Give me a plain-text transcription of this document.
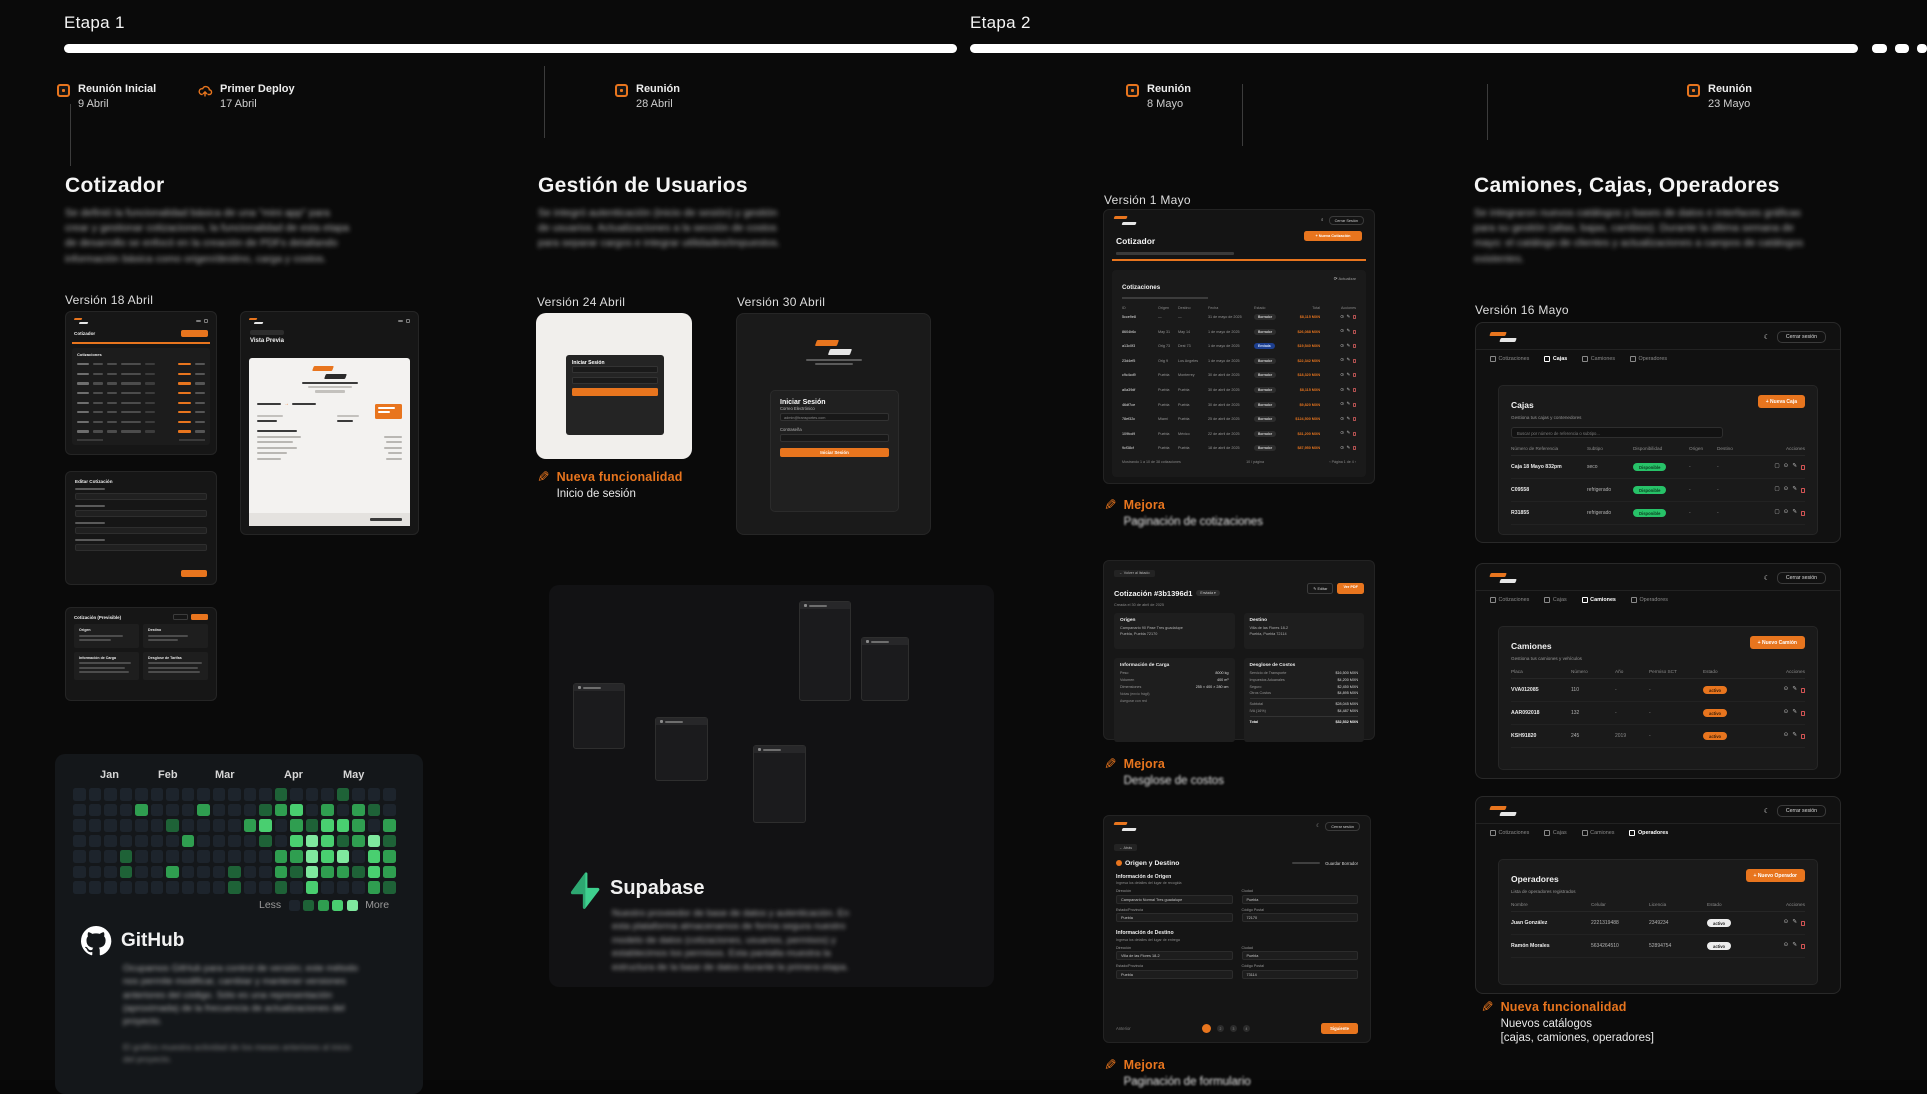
Etapa 1	Etapa 2
Reunión Inicial
9 Abril
Primer Deploy
17 Abril
Reunión
28 Abril
Reunión
8 Mayo
Reunión
23 Mayo
Cotizador

Se definió la funcionalidad básica de una "mini app" para crear y gestionar cotizaciones, la funcionalidad de esta etapa de desarrollo se enfocó en la creación de PDFs detallando información básica como origen/destino, carga y costos.

Versión 18 Abril
Cotizador
Cotizaciones
Vista Previa
→
Editar Cotización
Cotización (Previsible)
Origen	Destino
Información de Carga	Desglose de Tarifas
Jan	Feb	Mar	Apr	May
Less	More
GitHub

Ocupamos GitHub para control de versión; este método nos permite modificar, cambiar y mantener versiones anteriores del código. Sólo es una representación (aproximada) de la frecuencia de actualizaciones del proyecto.

El gráfico muestra actividad de los meses anteriores al inicio del proyecto.

Gestión de Usuarios

Se integró autenticación (inicio de sesión) y gestión de usuarios. Actualizaciones a la sección de costos para separar cargos e integrar utilidades/impuestos.

Versión 24 Abril
Iniciar Sesión
✎ Nueva funcionalidad
Inicio de sesión
Versión 30 Abril
Iniciar Sesión
Correo Electrónico
admin@transportes.com
Contraseña
Iniciar Sesión
Supabase

Nuestro proveedor de base de datos y autenticación. En esta plataforma almacenamos de forma segura nuestro modelo de datos (cotizaciones, usuarios, permisos) y establecimos los permisos. Esta pantalla muestra la estructura de la base de datos durante la primera etapa.

Versión 1 Mayo
⌕	Cerrar Sesión
Cotizador	+ Nueva Cotización
Cotizaciones
⟳ Actualizar
ID	Origen	Destino	Fecha	Estado	Total	Acciones
5cce9e8	—	—	31 de mayo de 2025	Borrador	$8,115 MXN	⊙ ✎
8604b6c	May 31	May 14	1 de mayo de 2025	Borrador	$26,088 MXN	⊙ ✎
a13c0f3	Orig 73	Dest 73	1 de mayo de 2025	Enviada	$19,540 MXN	⊙ ✎
23d4ef5	Orig 9	Los Angeles	1 de mayo de 2025	Borrador	$22,342 MXN	⊙ ✎
c9c4cd9	Puebla	Monterrey	30 de abril de 2025	Borrador	$18,320 MXN	⊙ ✎
a0a39df	Puebla	Puebla	30 de abril de 2025	Borrador	$8,115 MXN	⊙ ✎
46df7ce	Puebla	Puebla	30 de abril de 2025	Borrador	$9,820 MXN	⊙ ✎
78ef32c	Miami	Puebla	25 de abril de 2025	Borrador	$124,500 MXN	⊙ ✎
109fcd9	Puebla	México	22 de abril de 2025	Borrador	$31,200 MXN	⊙ ✎
9cf38cf	Puebla	Puebla	18 de abril de 2025	Borrador	$87,950 MXN	⊙ ✎
Mostrando 1 a 10 de 38 cotizaciones	10 / página	‹ Página 1 de 4 ›
✎ Mejora
Paginación de cotizaciones
← Volver al listado
Cotización #3b1396d1 Enviada ▾
Creada el 30 de abril de 2025
✎ Editar	Ver PDF
Origen
Campanario 90 Pase Tres guadalupe
Puebla, Puebla 72170
Destino
Villa de las Flores 18-2
Puebla, Puebla 72114
Información de Carga
Peso	8000 kg
Volumen	400 m³
Dimensiones	255 × 400 × 280 cm
Notas (envío frágil)
Asegurar con red
Desglose de Costos
Servicio de Transporte	$16,500 MXN
Impuestos Aduanales	$4,200 MXN
Seguro	$2,450 MXN
Otros Costos	$4,895 MXN
Subtotal	$28,045 MXN
IVA (16%)	$4,487 MXN
Total	$32,532 MXN
✎ Mejora
Desglose de costos
☾	Cerrar sesión
← Atrás
Origen y Destino	Guardar Borrador
Información de Origen
Ingresa los detalles del lugar de recogida
Dirección
Campanario Normal Tres guadalupe
Ciudad
Puebla
Estado/Provincia
Puebla
Código Postal
72170
Información de Destino
Ingresa los detalles del lugar de entrega
Dirección
Villa de las Flores 18-2
Ciudad
Puebla
Estado/Provincia
Puebla
Código Postal
73114
Anterior	1	2	3	4	Siguiente
✎ Mejora
Paginación de formulario
Camiones, Cajas, Operadores

Se integraron nuevos catálogos y bases de datos e interfaces gráficas para su gestión (altas, bajas, cambios). Durante la última semana de mayo: el catálogo de clientes y actualizaciones a campos de catálogos existentes.

Versión 16 Mayo
☾	Cerrar sesión
Cotizaciones	Cajas	Camiones	Operadores
Cajas
Gestiona tus cajas y contenedores
+ Nueva Caja
Buscar por número de referencia o subtipo...
Número de Referencia	Subtipo	Disponibilidad	Origen	Destino	Acciones
Caja 18 Mayo 832pm	seco	Disponible	-	-	▢ ⊙ ✎
C09558	refrigerado	Disponible	-	-	▢ ⊙ ✎
R31855	refrigerado	Disponible	-	-	▢ ⊙ ✎
☾	Cerrar sesión
Cotizaciones	Cajas	Camiones	Operadores
Camiones
Gestiona tus camiones y vehículos
+ Nuevo Camión
Placa	Número	Año	Permiso SCT	Estado	Acciones
VVA012085	110	-	-	activo	⊙ ✎
AAR092018	132	-	-	activo	⊙ ✎
KSH91820	245	2019	-	activo	⊙ ✎
☾	Cerrar sesión
Cotizaciones	Cajas	Camiones	Operadores
Operadores
Lista de operadores registrados
+ Nuevo Operador
Nombre	Celular	Licencia	Estado	Acciones
Juan González	2221319488	2349234	activo	⊙ ✎
Ramón Morales	5634264510	52894754	activo	⊙ ✎
✎ Nueva funcionalidad
Nuevos catálogos
[cajas, camiones, operadores]
